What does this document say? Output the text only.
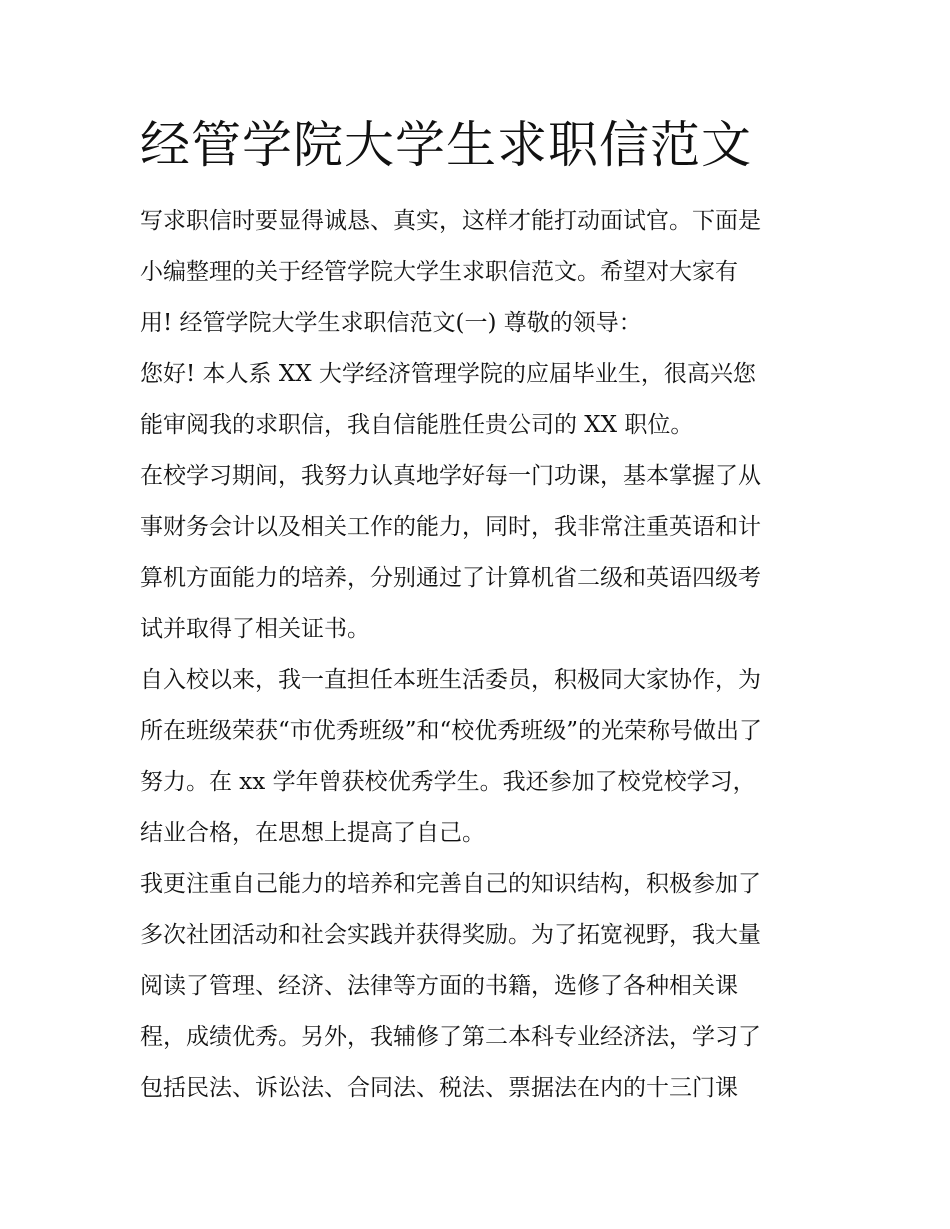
经管学院大学生求职信范文
写求职信时要显得诚恳、真实，这样才能打动面试官。下面是
小编整理的关于经管学院大学生求职信范文。希望对大家有
用! 经管学院大学生求职信范文(一) 尊敬的领导：
您好! 本人系 XX 大学经济管理学院的应届毕业生，很高兴您
能审阅我的求职信，我自信能胜任贵公司的 XX 职位。
在校学习期间，我努力认真地学好每一门功课，基本掌握了从
事财务会计以及相关工作的能力，同时，我非常注重英语和计
算机方面能力的培养，分别通过了计算机省二级和英语四级考
试并取得了相关证书。
自入校以来，我一直担任本班生活委员，积极同大家协作，为
所在班级荣获“市优秀班级”和“校优秀班级”的光荣称号做出了
努力。在 xx 学年曾获校优秀学生。我还参加了校党校学习，
结业合格，在思想上提高了自己。
我更注重自己能力的培养和完善自己的知识结构，积极参加了
多次社团活动和社会实践并获得奖励。为了拓宽视野，我大量
阅读了管理、经济、法律等方面的书籍，选修了各种相关课
程，成绩优秀。另外，我辅修了第二本科专业经济法，学习了
包括民法、诉讼法、合同法、税法、票据法在内的十三门课
